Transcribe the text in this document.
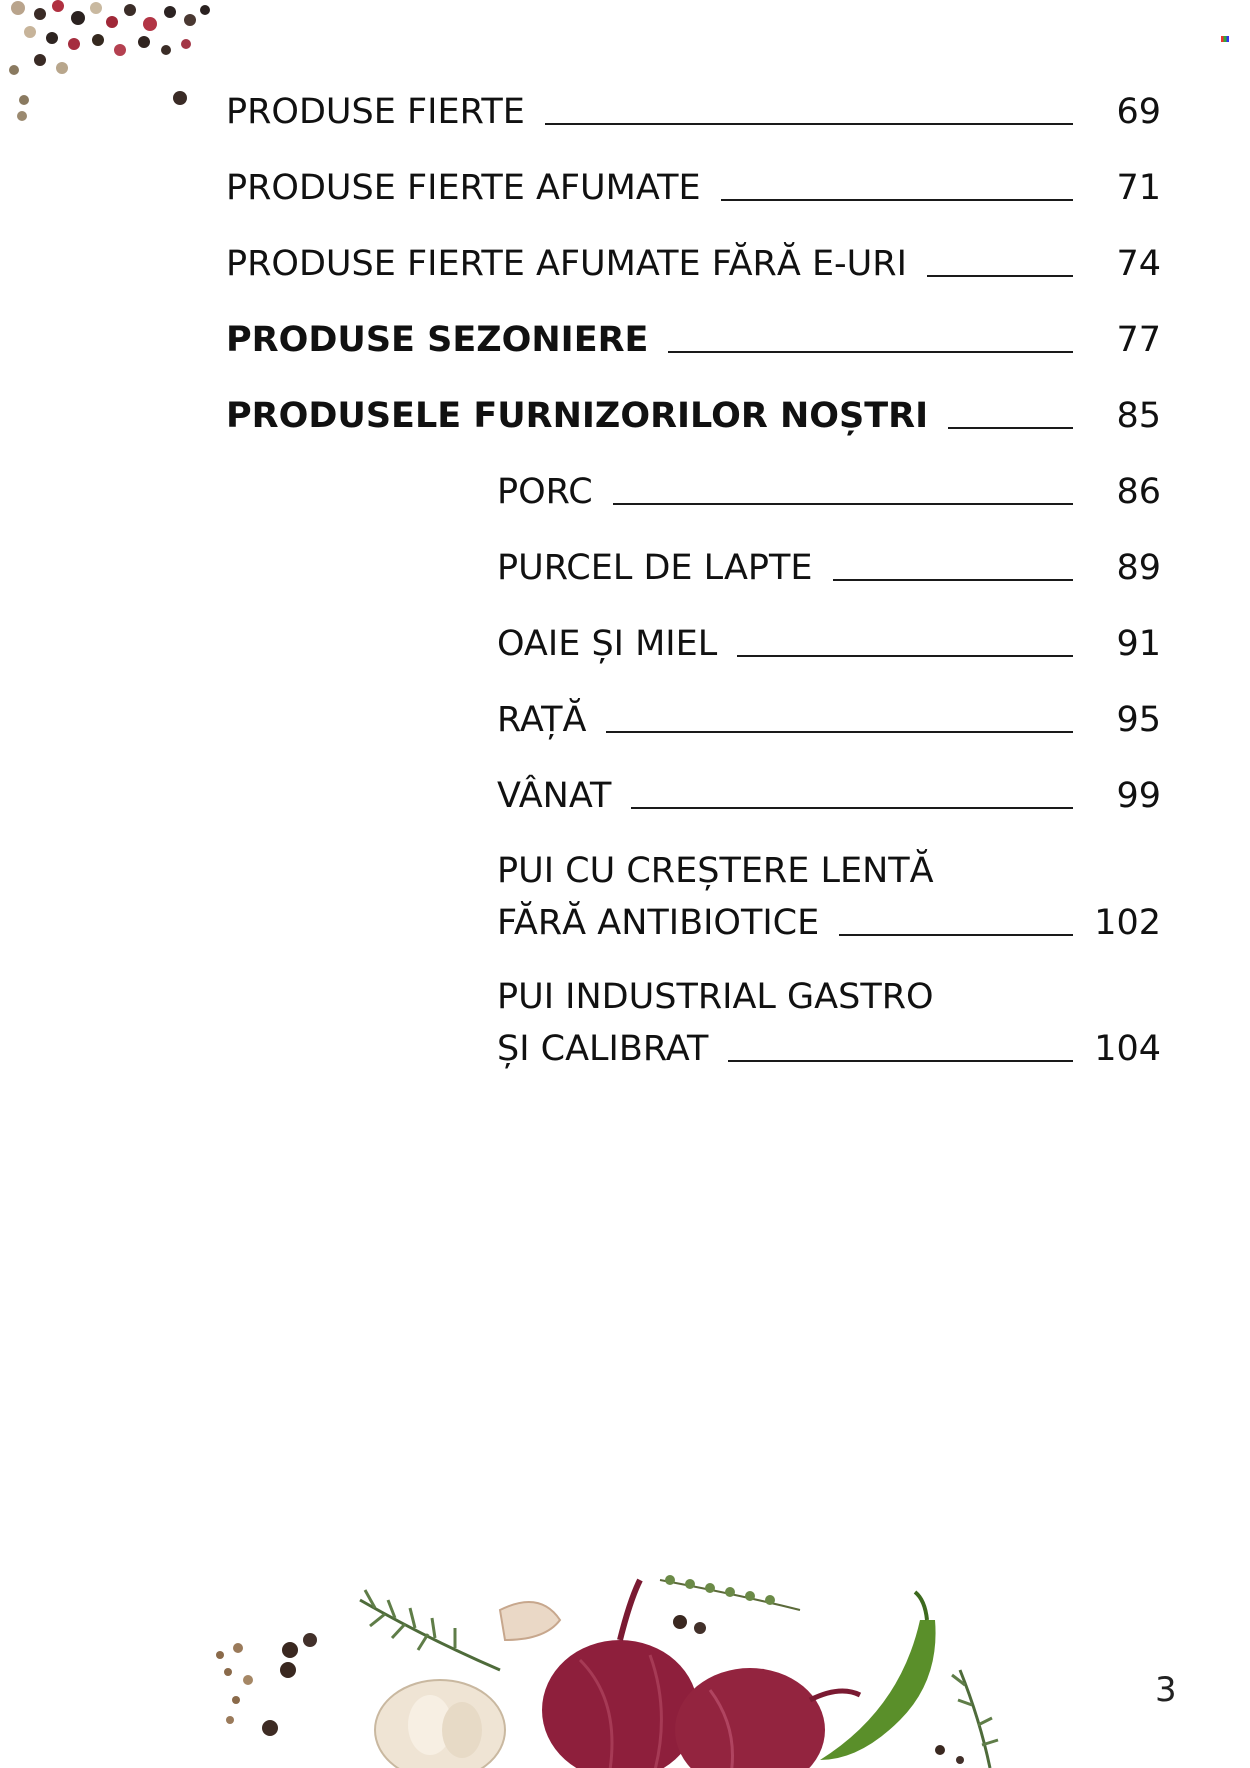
PRODUSE FIERTE	69
PRODUSE FIERTE AFUMATE	71
PRODUSE FIERTE AFUMATE FĂRĂ E-URI	74
PRODUSE SEZONIERE	77
PRODUSELE FURNIZORILOR NOȘTRI	85
PORC	86
PURCEL DE LAPTE	89
OAIE ȘI MIEL	91
RAȚĂ	95
VÂNAT	99
PUI CU CREȘTERE LENTĂ
FĂRĂ ANTIBIOTICE	102
PUI INDUSTRIAL GASTRO
ȘI CALIBRAT	104
3
